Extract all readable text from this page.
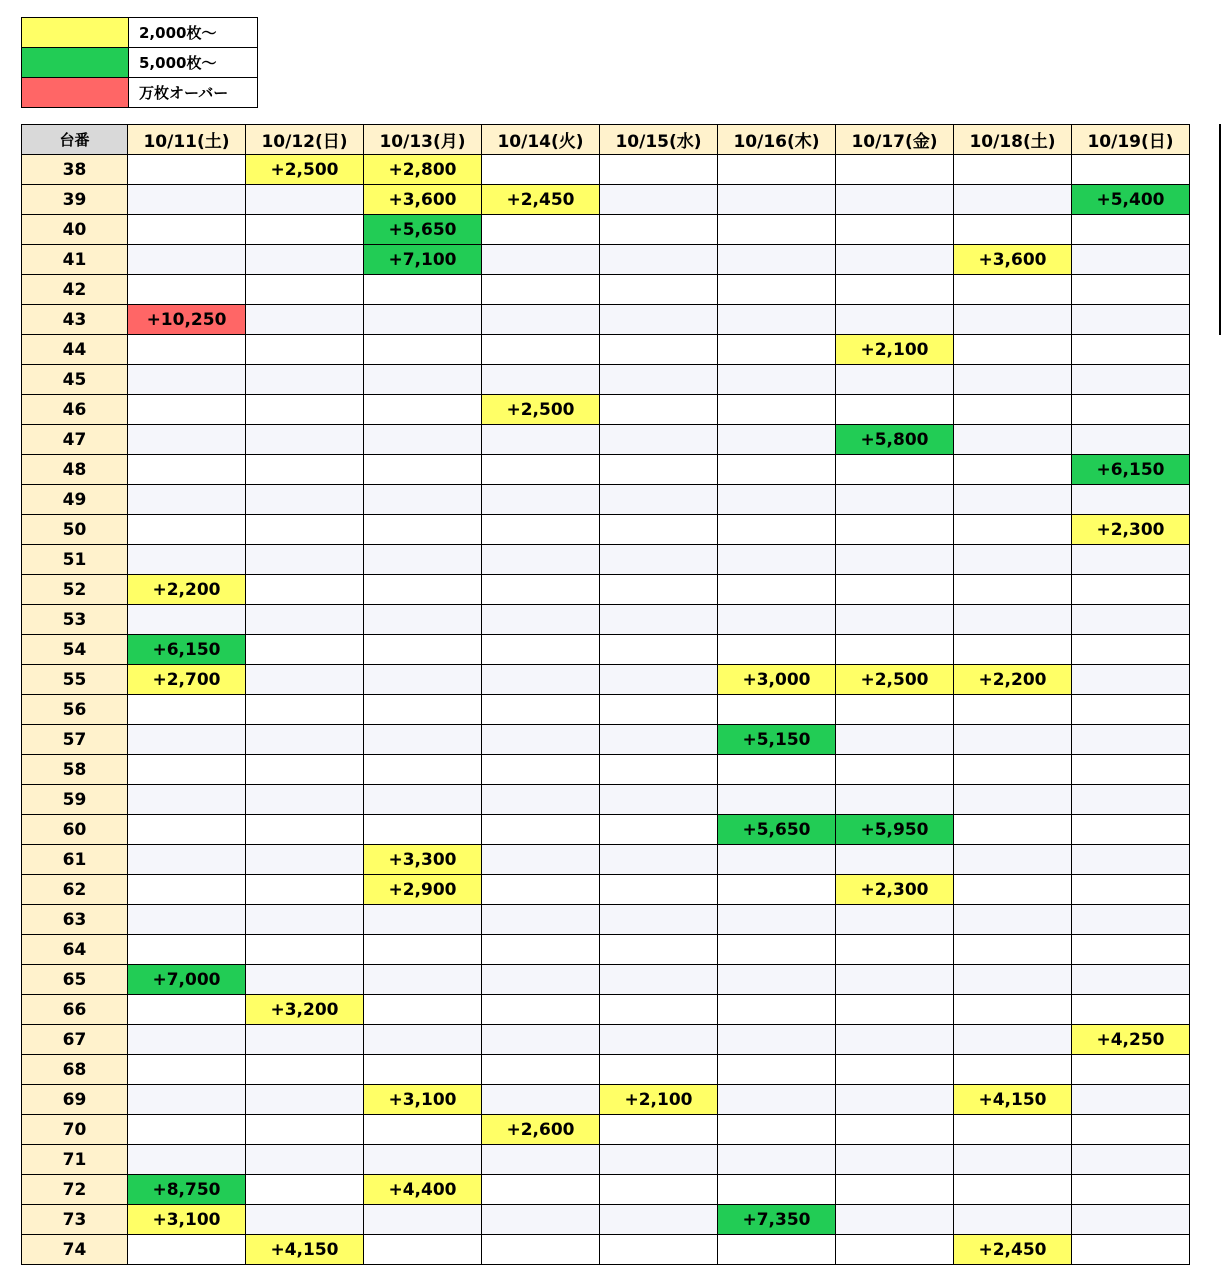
	2,000枚～
	5,000枚～
	万枚オーバー
台番	10/11(土)	10/12(日)	10/13(月)	10/14(火)	10/15(水)	10/16(木)	10/17(金)	10/18(土)	10/19(日)
38		+2,500	+2,800						
39			+3,600	+2,450					+5,400
40			+5,650						
41			+7,100					+3,600	
42									
43	+10,250								
44							+2,100		
45									
46				+2,500					
47							+5,800		
48									+6,150
49									
50									+2,300
51									
52	+2,200								
53									
54	+6,150								
55	+2,700					+3,000	+2,500	+2,200	
56									
57						+5,150			
58									
59									
60						+5,650	+5,950		
61			+3,300						
62			+2,900				+2,300		
63									
64									
65	+7,000								
66		+3,200							
67									+4,250
68									
69			+3,100		+2,100			+4,150	
70				+2,600					
71									
72	+8,750		+4,400						
73	+3,100					+7,350			
74		+4,150						+2,450	
